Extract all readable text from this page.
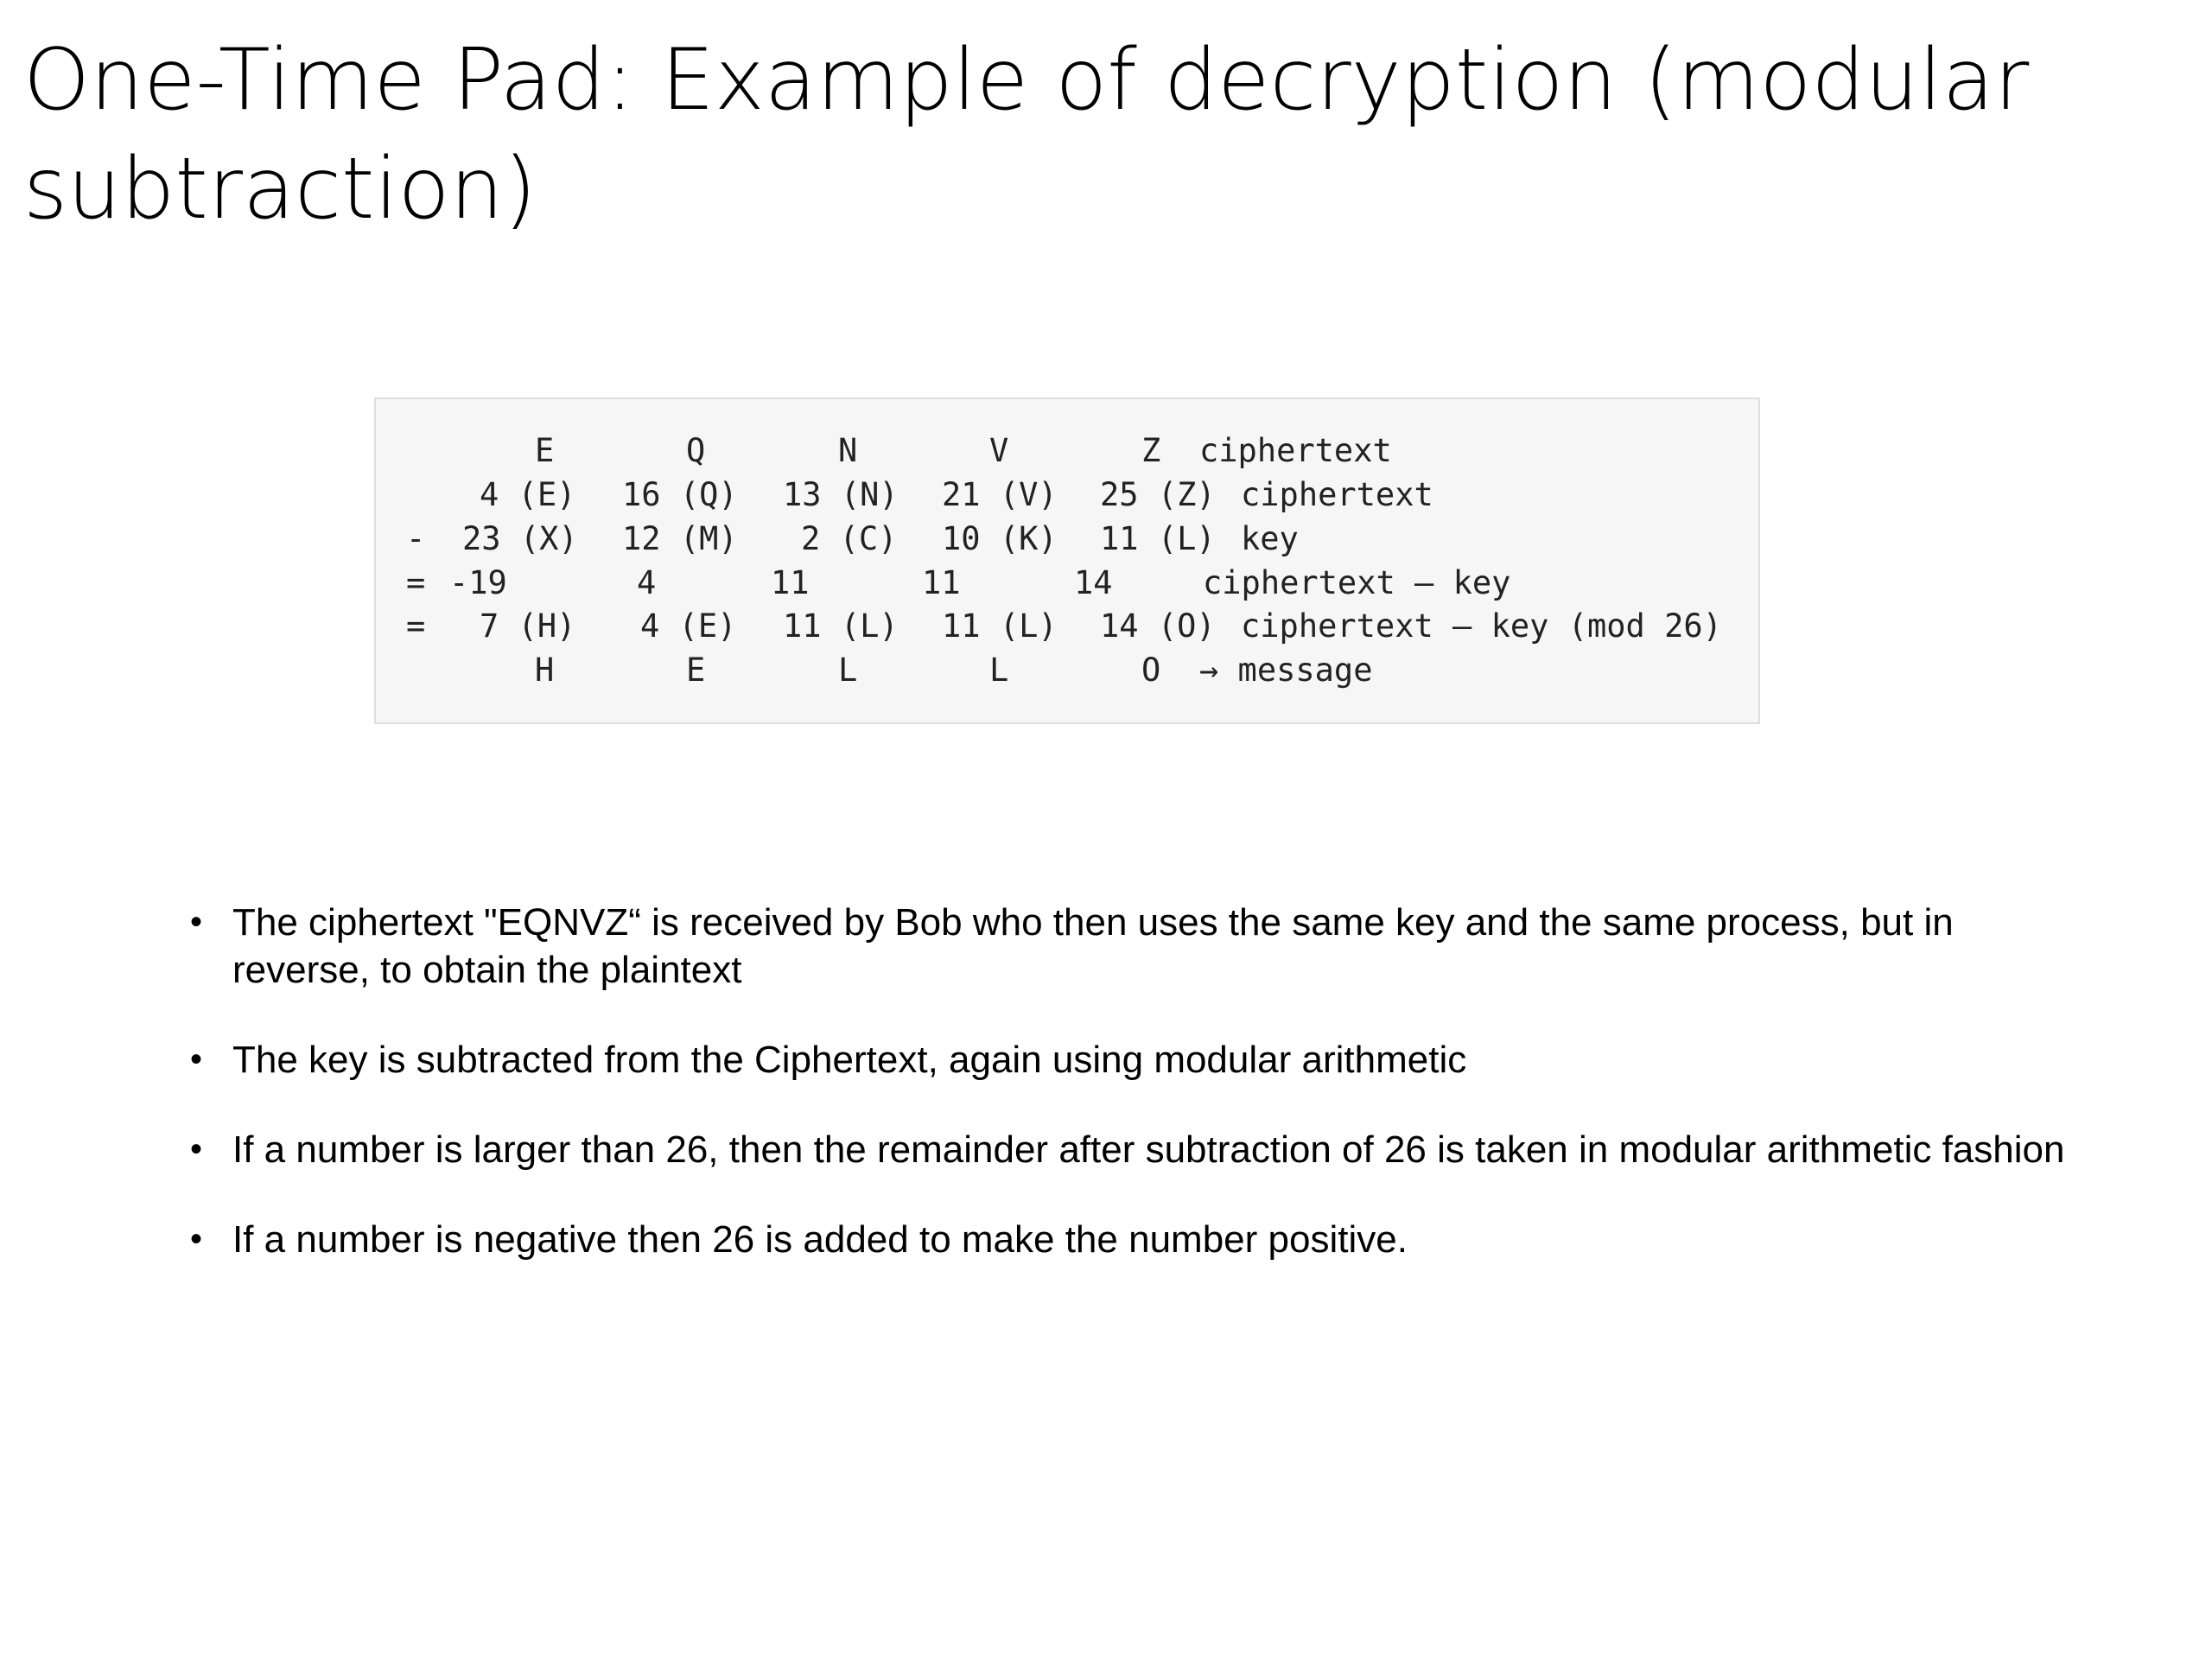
One-Time Pad: Example of decryption (modular subtraction)
E	Q	N	V	Z ciphertext
4 (E) 16 (Q) 13 (N) 21 (V) 25 (Z) ciphertext
- 23 (X) 12 (M) 2 (C) 10 (K) 11 (L) key
= -19	4	11	11	14	ciphertext – key
= 7 (H) 4 (E) 11 (L) 11 (L) 14 (O) ciphertext – key (mod 26)
H	E	L	L	O → message
• The ciphertext "EQNVZ“ is received by Bob who then uses the same key and the same process, but in reverse, to obtain the plaintext
• The key is subtracted from the Ciphertext, again using modular arithmetic
• If a number is larger than 26, then the remainder after subtraction of 26 is taken in modular arithmetic fashion
• If a number is negative then 26 is added to make the number positive.
